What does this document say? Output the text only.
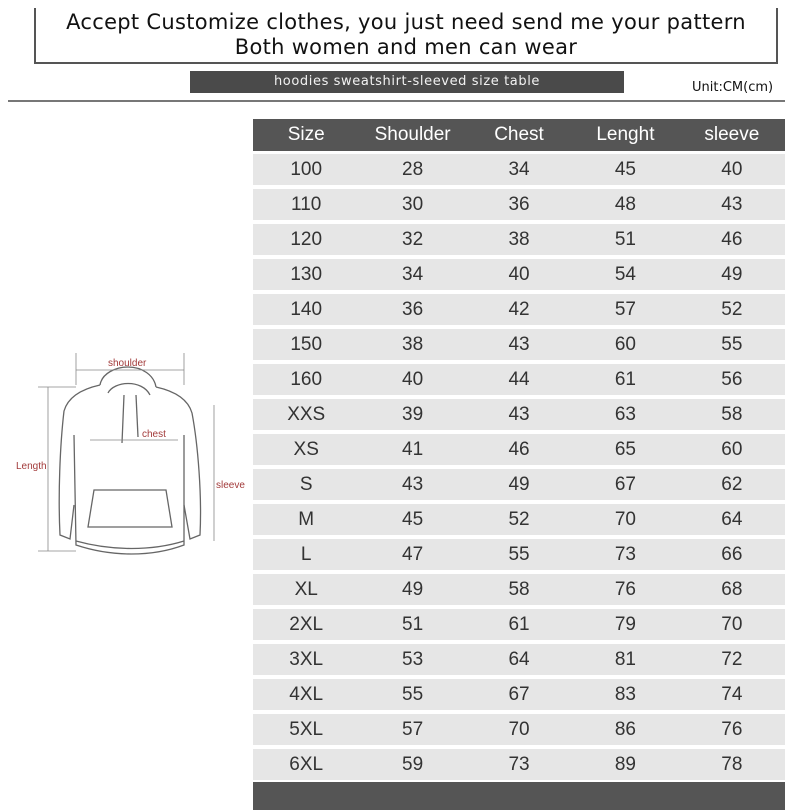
Accept Customize clothes, you just need send me your pattern
Both women and men can wear
hoodies sweatshirt-sleeved size table	Unit:CM(cm)
shoulder
chest
Length
sleeve
Size	Shoulder	Chest	Lenght	sleeve
100	28	34	45	40
110	30	36	48	43
120	32	38	51	46
130	34	40	54	49
140	36	42	57	52
150	38	43	60	55
160	40	44	61	56
XXS	39	43	63	58
XS	41	46	65	60
S	43	49	67	62
M	45	52	70	64
L	47	55	73	66
XL	49	58	76	68
2XL	51	61	79	70
3XL	53	64	81	72
4XL	55	67	83	74
5XL	57	70	86	76
6XL	59	73	89	78
